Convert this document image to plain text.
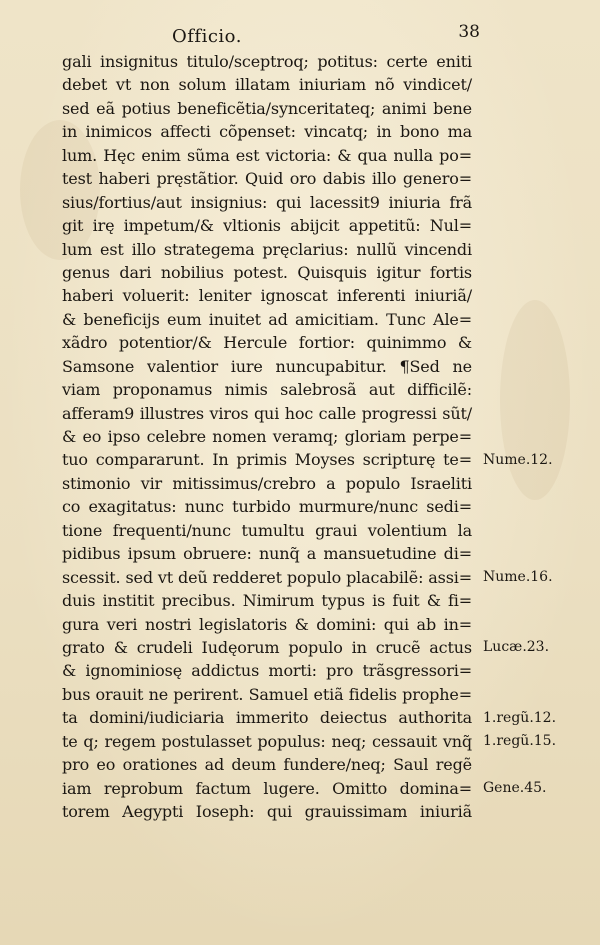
Officio.	38
gali insignitus titulo/sceptroq; potitus: certe eniti
debet vt non solum illatam iniuriam nõ vindicet/
sed eã potius beneficẽtia/synceritateq; animi bene
in inimicos affecti cõpenset: vincatq; in bono ma
lum. Hęc enim sũma est victoria: & qua nulla po=
test haberi pręstãtior. Quid oro dabis illo genero=
sius/fortius/aut insignius: qui lacessit9 iniuria frã
git irę impetum/& vltionis abijcit appetitũ: Nul=
lum est illo strategema pręclarius: nullũ vincendi
genus dari nobilius potest. Quisquis igitur fortis
haberi voluerit: leniter ignoscat inferenti iniuriã/
& beneficijs eum inuitet ad amicitiam. Tunc Ale=
xãdro potentior/& Hercule fortior: quinimmo &
Samsone valentior iure nuncupabitur. ¶Sed ne
viam proponamus nimis salebrosã aut difficilẽ:
afferam9 illustres viros qui hoc calle progressi sũt/
& eo ipso celebre nomen veramq; gloriam perpe=
tuo compararunt. In primis Moyses scripturę te=
stimonio vir mitissimus/crebro a populo Israeliti
co exagitatus: nunc turbido murmure/nunc sedi=
tione frequenti/nunc tumultu graui volentium la
pidibus ipsum obruere: nunq̃ a mansuetudine di=
scessit. sed vt deũ redderet populo placabilẽ: assi=
duis institit precibus. Nimirum typus is fuit & fi=
gura veri nostri legislatoris & domini: qui ab in=
grato & crudeli Iudęorum populo in crucẽ actus
& ignominiosę addictus morti: pro trãsgressori=
bus orauit ne perirent. Samuel etiã fidelis prophe=
ta domini/iudiciaria immerito deiectus authorita
te q; regem postulasset populus: neq; cessauit vnq̃
pro eo orationes ad deum fundere/neq; Saul regẽ
iam reprobum factum lugere. Omitto domina=
torem Aegypti Ioseph: qui grauissimam iniuriã
Nume.12.
Nume.16.
Lucæ.23.
1.regũ.12.
1.regũ.15.
Gene.45.
